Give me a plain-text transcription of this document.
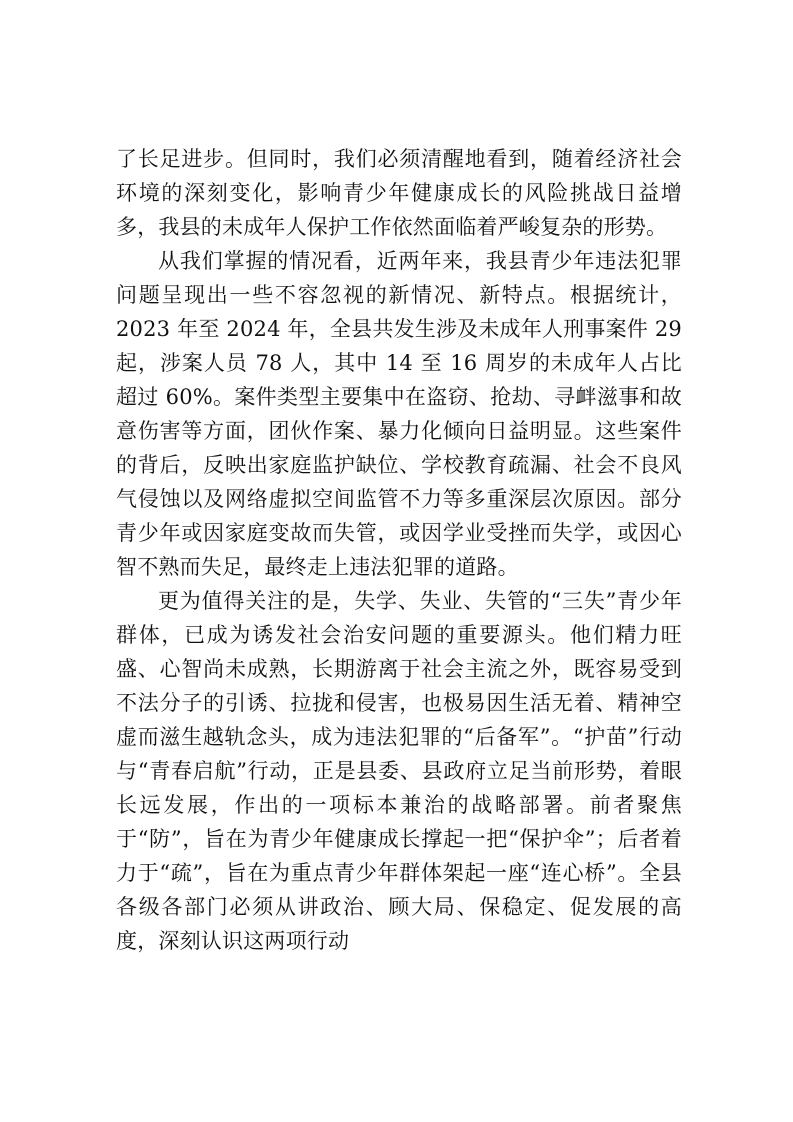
了长足进步。但同时，我们必须清醒地看到，随着经济社会环境的深刻变化，影响青少年健康成长的风险挑战日益增多，我县的未成年人保护工作依然面临着严峻复杂的形势。

从我们掌握的情况看，近两年来，我县青少年违法犯罪问题呈现出一些不容忽视的新情况、新特点。根据统计，2023 年至 2024 年，全县共发生涉及未成年人刑事案件 29 起，涉案人员 78 人，其中 14 至 16 周岁的未成年人占比超过 60%。案件类型主要集中在盗窃、抢劫、寻衅滋事和故意伤害等方面，团伙作案、暴力化倾向日益明显。这些案件的背后，反映出家庭监护缺位、学校教育疏漏、社会不良风气侵蚀以及网络虚拟空间监管不力等多重深层次原因。部分青少年或因家庭变故而失管，或因学业受挫而失学，或因心智不熟而失足，最终走上违法犯罪的道路。

更为值得关注的是，失学、失业、失管的“三失”青少年群体，已成为诱发社会治安问题的重要源头。他们精力旺盛、心智尚未成熟，长期游离于社会主流之外，既容易受到不法分子的引诱、拉拢和侵害，也极易因生活无着、精神空虚而滋生越轨念头，成为违法犯罪的“后备军”。“护苗”行动与“青春启航”行动，正是县委、县政府立足当前形势，着眼长远发展，作出的一项标本兼治的战略部署。前者聚焦于“防”，旨在为青少年健康成长撑起一把“保护伞”；后者着力于“疏”，旨在为重点青少年群体架起一座“连心桥”。全县各级各部门必须从讲政治、顾大局、保稳定、促发展的高度，深刻认识这两项行动
